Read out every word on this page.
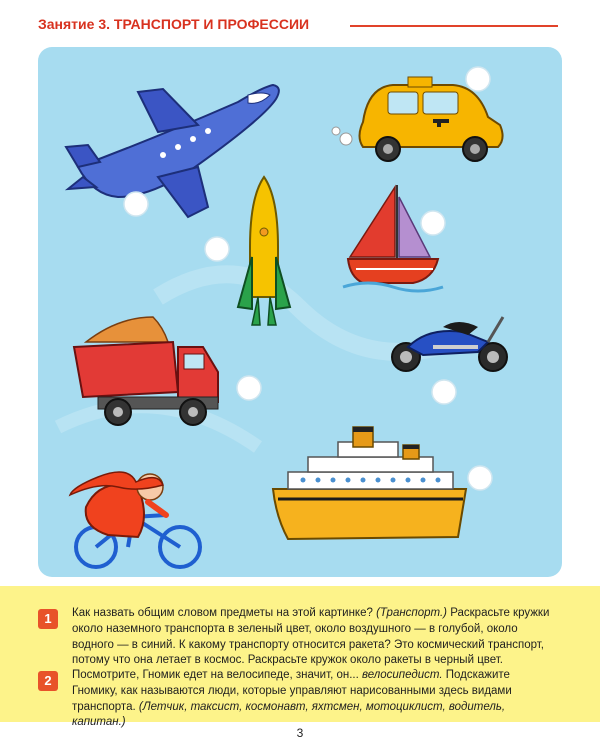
Занятие 3. ТРАНСПОРТ И ПРОФЕССИИ
1	Как назвать общим словом предметы на этой картинке? (Транспорт.) Раскрасьте кружки около наземного транспорта в зеленый цвет, около воздушного — в голубой, около водного — в синий. К какому транспорту относится ракета? Это космический транспорт, потому что она летает в космос. Раскрасьте кружок около ракеты в черный цвет.
2	Посмотрите, Гномик едет на велосипеде, значит, он... велосипедист. Подскажите Гномику, как называются люди, которые управляют нарисованными здесь видами транспорта. (Летчик, таксист, космонавт, яхтсмен, мотоциклист, водитель, капитан.)
3
